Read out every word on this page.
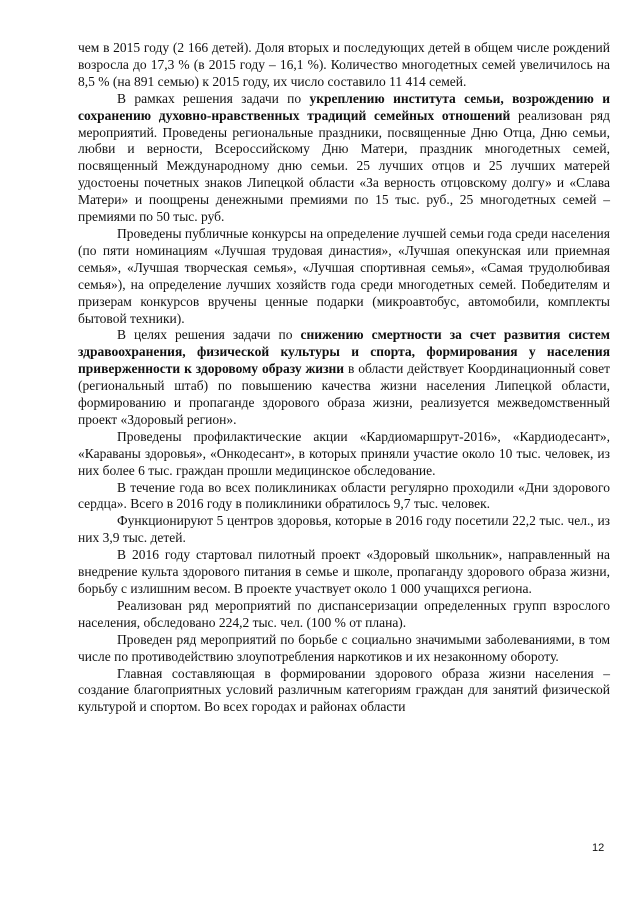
чем в 2015 году (2 166 детей). Доля вторых и последующих детей в общем числе рождений возросла до 17,3 % (в 2015 году – 16,1 %). Количество многодетных семей увеличилось на 8,5 % (на 891 семью) к 2015 году, их число составило 11 414 семей.

В рамках решения задачи по укреплению института семьи, возрождению и сохранению духовно-нравственных традиций семейных отношений реализован ряд мероприятий. Проведены региональные праздники, посвященные Дню Отца, Дню семьи, любви и верности, Всероссийскому Дню Матери, праздник многодетных семей, посвященный Международному дню семьи. 25 лучших отцов и 25 лучших матерей удостоены почетных знаков Липецкой области «За верность отцовскому долгу» и «Слава Матери» и поощрены денежными премиями по 15 тыс. руб., 25 многодетных семей – премиями по 50 тыс. руб.

Проведены публичные конкурсы на определение лучшей семьи года среди населения (по пяти номинациям «Лучшая трудовая династия», «Лучшая опекунская или приемная семья», «Лучшая творческая семья», «Лучшая спортивная семья», «Самая трудолюбивая семья»), на определение лучших хозяйств года среди многодетных семей. Победителям и призерам конкурсов вручены ценные подарки (микроавтобус, автомобили, комплекты бытовой техники).

В целях решения задачи по снижению смертности за счет развития систем здравоохранения, физической культуры и спорта, формирования у населения приверженности к здоровому образу жизни в области действует Координационный совет (региональный штаб) по повышению качества жизни населения Липецкой области, формированию и пропаганде здорового образа жизни, реализуется межведомственный проект «Здоровый регион».

Проведены профилактические акции «Кардиомаршрут-2016», «Кардиодесант», «Караваны здоровья», «Онкодесант», в которых приняли участие около 10 тыс. человек, из них более 6 тыс. граждан прошли медицинское обследование.

В течение года во всех поликлиниках области регулярно проходили «Дни здорового сердца». Всего в 2016 году в поликлиники обратилось 9,7 тыс. человек.

Функционируют 5 центров здоровья, которые в 2016 году посетили 22,2 тыс. чел., из них 3,9 тыс. детей.

В 2016 году стартовал пилотный проект «Здоровый школьник», направленный на внедрение культа здорового питания в семье и школе, пропаганду здорового образа жизни, борьбу с излишним весом. В проекте участвует около 1 000 учащихся региона.

Реализован ряд мероприятий по диспансеризации определенных групп взрослого населения, обследовано 224,2 тыс. чел. (100 % от плана).

Проведен ряд мероприятий по борьбе с социально значимыми заболеваниями, в том числе по противодействию злоупотребления наркотиков и их незаконному обороту.

Главная составляющая в формировании здорового образа жизни населения – создание благоприятных условий различным категориям граждан для занятий физической культурой и спортом. Во всех городах и районах области

12
